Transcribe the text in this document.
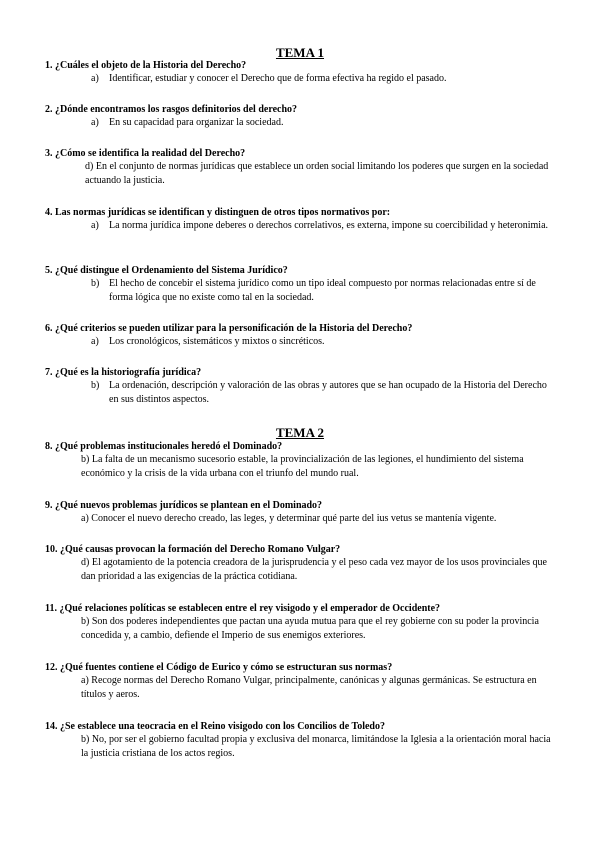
TEMA 1

1. ¿Cuáles el objeto de la Historia del Derecho?

a)	Identificar, estudiar y conocer el Derecho que de forma efectiva ha regido el pasado.

2. ¿Dónde encontramos los rasgos definitorios del derecho?

a)	En su capacidad para organizar la sociedad.

3. ¿Cómo se identifica la realidad del Derecho?

d) En el conjunto de normas jurídicas que establece un orden social limitando los poderes que surgen en la sociedad actuando la justicia.

4. Las normas jurídicas se identifican y distinguen de otros tipos normativos por:

a)	La norma jurídica impone deberes o derechos correlativos, es externa, impone su coercibilidad y heteronimia.

5. ¿Qué distingue el Ordenamiento del Sistema Jurídico?

b) El hecho de concebir el sistema jurídico como un tipo ideal compuesto por normas relacionadas entre sí de forma lógica que no existe como tal en la sociedad.

6. ¿Qué criterios se pueden utilizar para la personificación de la Historia del Derecho?

a)	Los cronológicos, sistemáticos y mixtos o sincréticos.

7. ¿Qué es la historiografía jurídica?

b) La ordenación, descripción y valoración de las obras y autores que se han ocupado de la Historia del Derecho en sus distintos aspectos.

TEMA 2

8. ¿Qué problemas institucionales heredó el Dominado?

b) La falta de un mecanismo sucesorio estable, la provincialización de las legiones, el hundimiento del sistema económico y la crisis de la vida urbana con el triunfo del mundo rual.

9. ¿Qué nuevos problemas jurídicos se plantean en el Dominado?

a) Conocer el nuevo derecho creado, las leges, y determinar qué parte del ius vetus se mantenía vigente.

10. ¿Qué causas provocan la formación del Derecho Romano Vulgar?

d) El agotamiento de la potencia creadora de la jurisprudencia y el peso cada vez mayor de los usos provinciales que dan prioridad a las exigencias de la práctica cotidiana.

11. ¿Qué relaciones políticas se establecen entre el rey visigodo y el emperador de Occidente?

b) Son dos poderes independientes que pactan una ayuda mutua para que el rey gobierne con su poder la provincia concedida y, a cambio, defiende el Imperio de sus enemigos exteriores.

12. ¿Qué fuentes contiene el Código de Eurico y cómo se estructuran sus normas?

a) Recoge normas del Derecho Romano Vulgar, principalmente, canónicas y algunas germánicas. Se estructura en títulos y aeros.

14. ¿Se establece una teocracia en el Reino visigodo con los Concilios de Toledo?

b) No, por ser el gobierno facultad propia y exclusiva del monarca, limitándose la Iglesia a la orientación moral hacia la justicia cristiana de los actos regios.
